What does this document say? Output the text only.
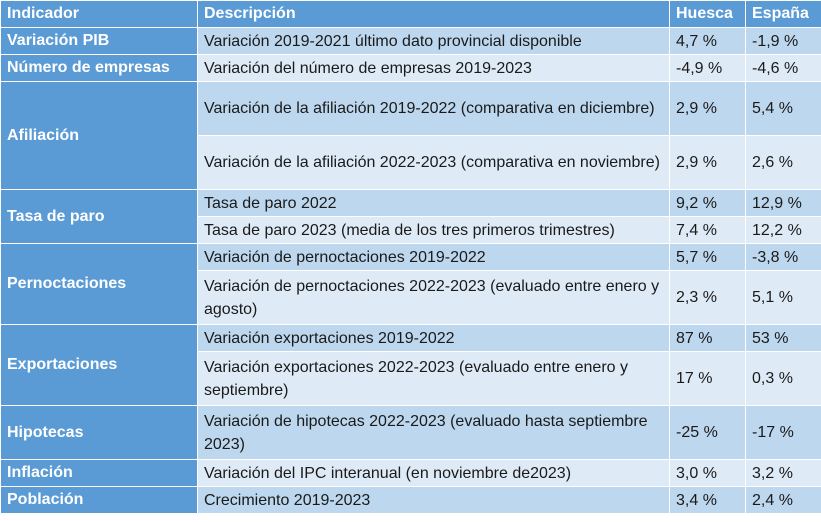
Indicador	Descripción	Huesca	España
Variación PIB	Variación 2019-2021 último dato provincial disponible	4,7 %	-1,9 %
Número de empresas	Variación del número de empresas 2019-2023	-4,9 %	-4,6 %
Afiliación	Variación de la afiliación 2019-2022 (comparativa en diciembre)	2,9 %	5,4 %
	Variación de la afiliación 2022-2023 (comparativa en noviembre)	2,9 %	2,6 %
Tasa de paro	Tasa de paro 2022	9,2 %	12,9 %
	Tasa de paro 2023 (media de los tres primeros trimestres)	7,4 %	12,2 %
Pernoctaciones	Variación de pernoctaciones 2019-2022	5,7 %	-3,8 %
	Variación de pernoctaciones 2022-2023 (evaluado entre enero y agosto)	2,3 %	5,1 %
Exportaciones	Variación exportaciones 2019-2022	87 %	53 %
	Variación exportaciones 2022-2023 (evaluado entre enero y septiembre)	17 %	0,3 %
Hipotecas	Variación de hipotecas 2022-2023 (evaluado hasta septiembre 2023)	-25 %	-17 %
Inflación	Variación del IPC interanual (en noviembre de2023)	3,0 %	3,2 %
Población	Crecimiento 2019-2023	3,4 %	2,4 %
